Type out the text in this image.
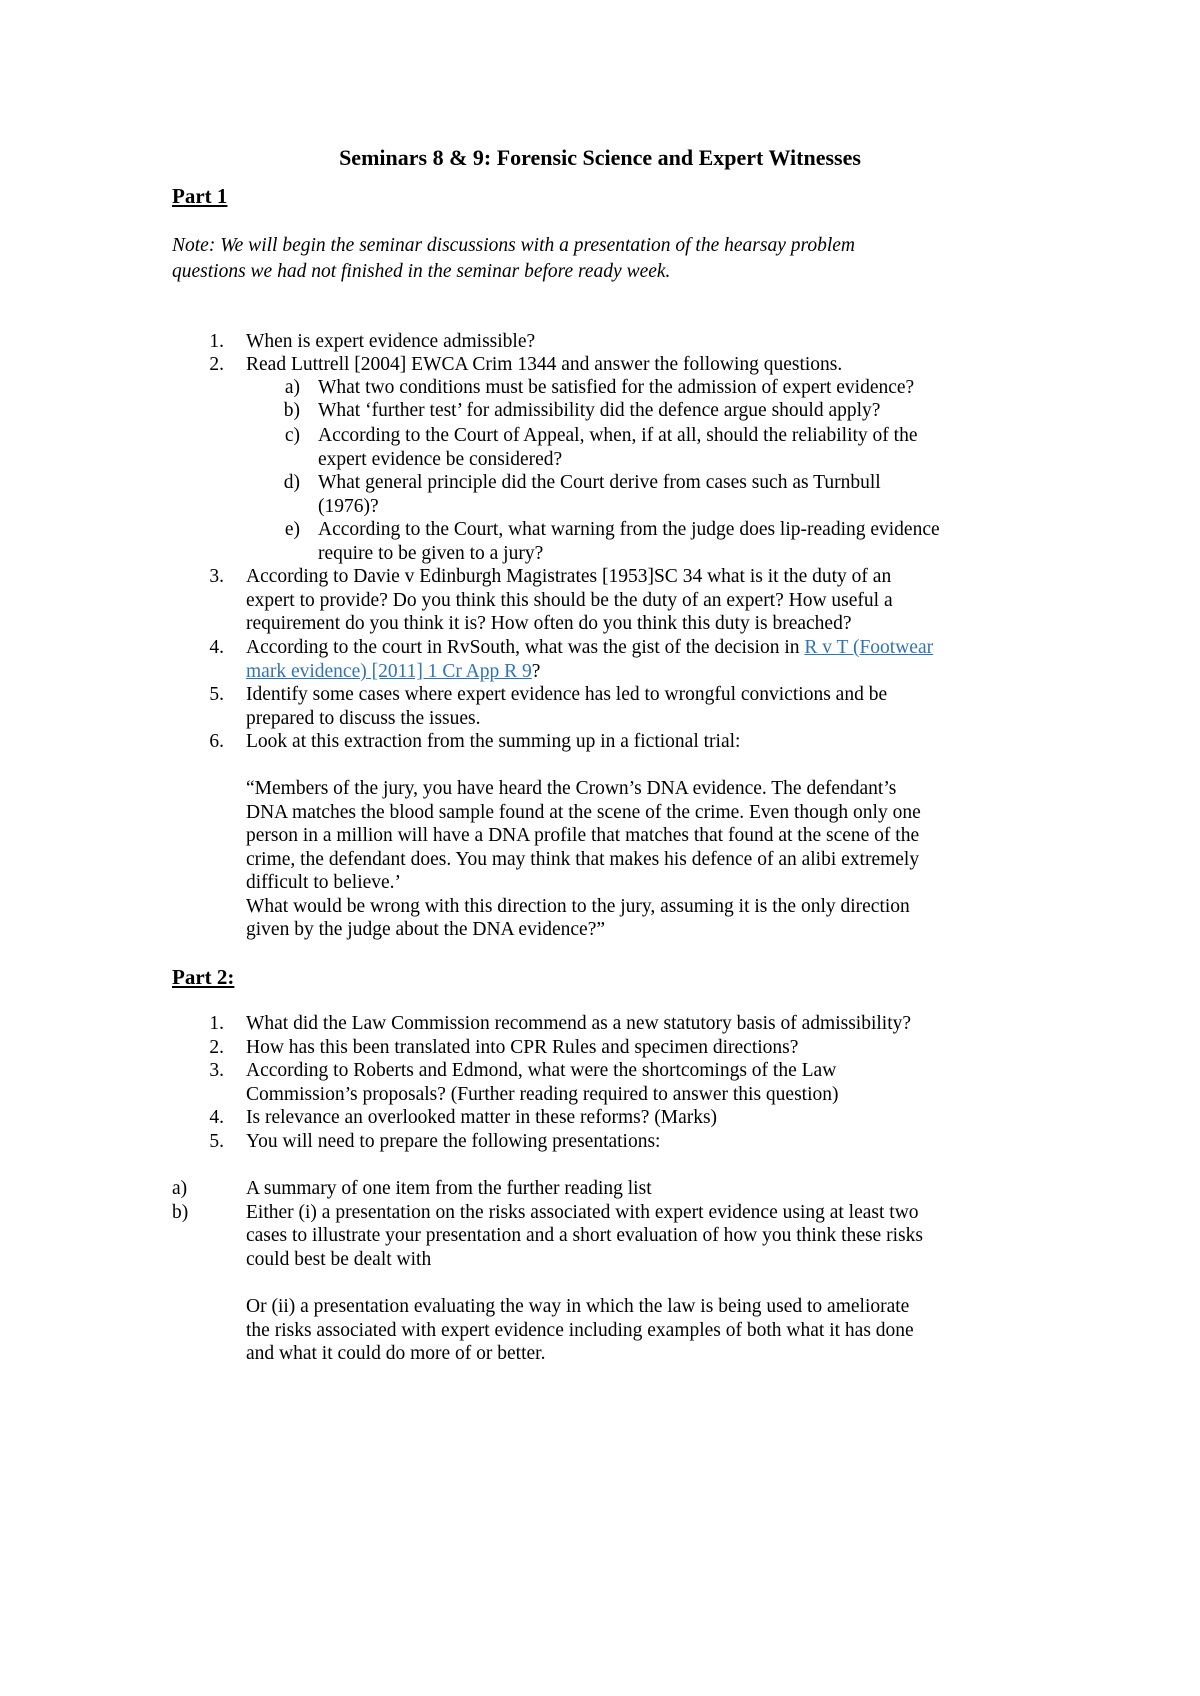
Seminars 8 & 9: Forensic Science and Expert Witnesses
Part 1
Note: We will begin the seminar discussions with a presentation of the hearsay problem
questions we had not finished in the seminar before ready week.
1. When is expert evidence admissible?
2. Read Luttrell [2004] EWCA Crim 1344 and answer the following questions.
a) What two conditions must be satisfied for the admission of expert evidence?
b) What ‘further test’ for admissibility did the defence argue should apply?
c) According to the Court of Appeal, when, if at all, should the reliability of the
expert evidence be considered?
d) What general principle did the Court derive from cases such as Turnbull
(1976)?
e) According to the Court, what warning from the judge does lip-reading evidence
require to be given to a jury?
3. According to Davie v Edinburgh Magistrates [1953]SC 34 what is it the duty of an
expert to provide? Do you think this should be the duty of an expert? How useful a
requirement do you think it is? How often do you think this duty is breached?
4. According to the court in RvSouth, what was the gist of the decision in R v T (Footwear
mark evidence) [2011] 1 Cr App R 9?
5. Identify some cases where expert evidence has led to wrongful convictions and be
prepared to discuss the issues.
6. Look at this extraction from the summing up in a fictional trial:
“Members of the jury, you have heard the Crown’s DNA evidence. The defendant’s
DNA matches the blood sample found at the scene of the crime. Even though only one
person in a million will have a DNA profile that matches that found at the scene of the
crime, the defendant does. You may think that makes his defence of an alibi extremely
difficult to believe.’
What would be wrong with this direction to the jury, assuming it is the only direction
given by the judge about the DNA evidence?”
Part 2:
1. What did the Law Commission recommend as a new statutory basis of admissibility?
2. How has this been translated into CPR Rules and specimen directions?
3. According to Roberts and Edmond, what were the shortcomings of the Law
Commission’s proposals? (Further reading required to answer this question)
4. Is relevance an overlooked matter in these reforms? (Marks)
5. You will need to prepare the following presentations:
a)	A summary of one item from the further reading list
b)	Either (i) a presentation on the risks associated with expert evidence using at least two
cases to illustrate your presentation and a short evaluation of how you think these risks
could best be dealt with
Or (ii) a presentation evaluating the way in which the law is being used to ameliorate
the risks associated with expert evidence including examples of both what it has done
and what it could do more of or better.
